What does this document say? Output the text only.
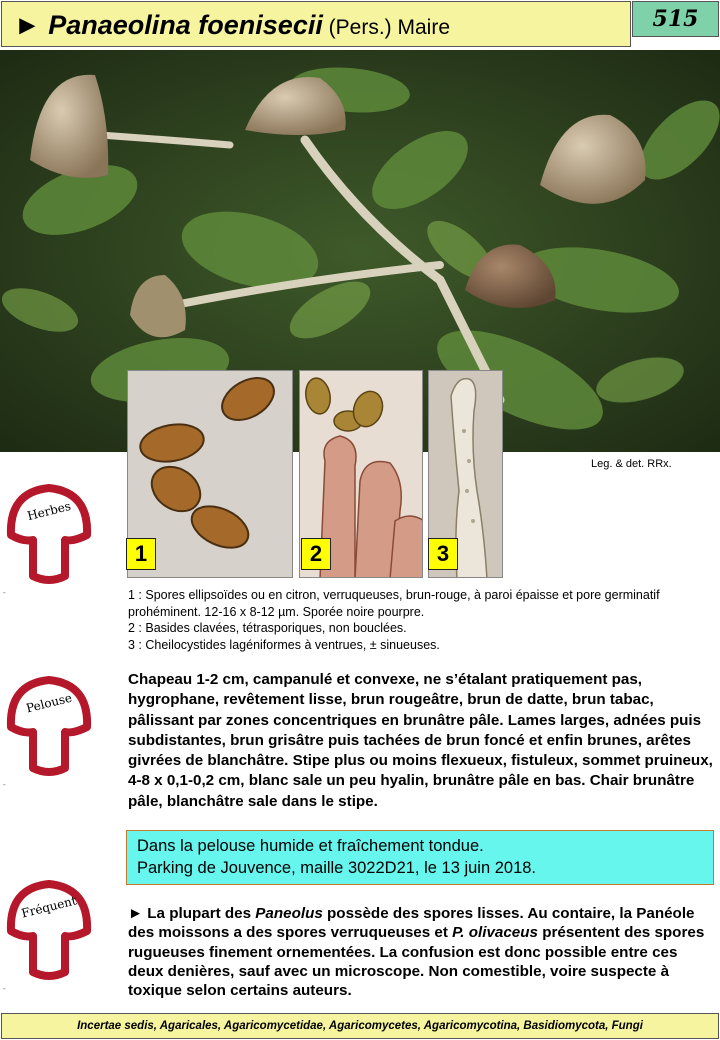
► Panaeolina foenisecii (Pers.) Maire	515
1	2	3
Leg. & det. RRx.
1 : Spores ellipsoïdes ou en citron, verruqueuses, brun-rouge, à paroi épaisse et pore germinatif prohéminent. 12-16 x 8-12 µm. Sporée noire pourpre.
2 : Basides clavées, tétrasporiques, non bouclées.
3 : Cheilocystides lagéniformes à ventrues, ± sinueuses.
Chapeau 1-2 cm, campanulé et convexe, ne s’étalant pratiquement pas, hygrophane, revêtement lisse, brun rougeâtre, brun de datte, brun tabac, pâlissant par zones concentriques en brunâtre pâle. Lames larges, adnées puis subdistantes, brun grisâtre puis tachées de brun foncé et enfin brunes, arêtes givrées de blanchâtre. Stipe plus ou moins flexueux, fistuleux, sommet pruineux, 4-8 x 0,1-0,2 cm, blanc sale un peu hyalin, brunâtre pâle en bas. Chair brunâtre pâle, blanchâtre sale dans le stipe.
Dans la pelouse humide et fraîchement tondue.
Parking de Jouvence, maille 3022D21, le 13 juin 2018.
► La plupart des Paneolus possède des spores lisses. Au contaire, la Panéole des moissons a des spores verruqueuses et P. olivaceus présentent des spores rugueuses finement ornementées. La confusion est donc possible entre ces deux denières, sauf avec un microscope. Non comestible, voire suspecte à toxique selon certains auteurs.
Herbes
-
Pelouse
-
Fréquent
-
Incertae sedis, Agaricales, Agaricomycetidae, Agaricomycetes, Agaricomycotina, Basidiomycota, Fungi
